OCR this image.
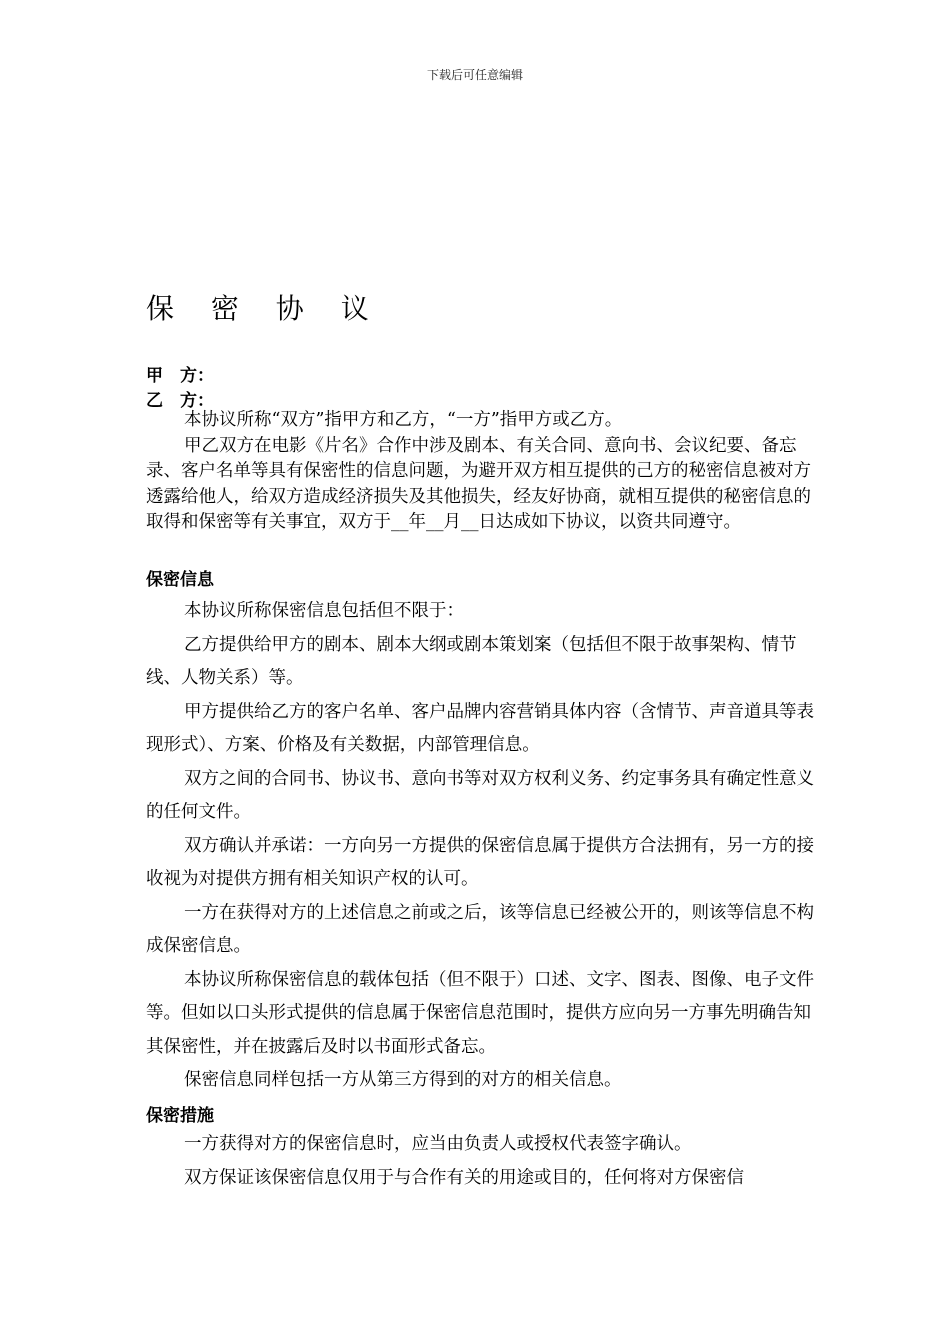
下载后可任意编辑
保 密 协 议
甲　方：
乙　方：

本协议所称“双方”指甲方和乙方，“一方”指甲方或乙方。

甲乙双方在电影《片名》合作中涉及剧本、有关合同、意向书、会议纪要、备忘录、客户名单等具有保密性的信息问题，为避开双方相互提供的己方的秘密信息被对方透露给他人，给双方造成经济损失及其他损失，经友好协商，就相互提供的秘密信息的取得和保密等有关事宜，双方于__年__月__日达成如下协议，以资共同遵守。

保密信息

本协议所称保密信息包括但不限于：

乙方提供给甲方的剧本、剧本大纲或剧本策划案（包括但不限于故事架构、情节线、人物关系）等。

甲方提供给乙方的客户名单、客户品牌内容营销具体内容（含情节、声音道具等表现形式）、方案、价格及有关数据，内部管理信息。

双方之间的合同书、协议书、意向书等对双方权利义务、约定事务具有确定性意义的任何文件。

双方确认并承诺：一方向另一方提供的保密信息属于提供方合法拥有，另一方的接收视为对提供方拥有相关知识产权的认可。

一方在获得对方的上述信息之前或之后，该等信息已经被公开的，则该等信息不构成保密信息。

本协议所称保密信息的载体包括（但不限于）口述、文字、图表、图像、电子文件等。但如以口头形式提供的信息属于保密信息范围时，提供方应向另一方事先明确告知其保密性，并在披露后及时以书面形式备忘。

保密信息同样包括一方从第三方得到的对方的相关信息。

保密措施

一方获得对方的保密信息时，应当由负责人或授权代表签字确认。

双方保证该保密信息仅用于与合作有关的用途或目的，任何将对方保密信
